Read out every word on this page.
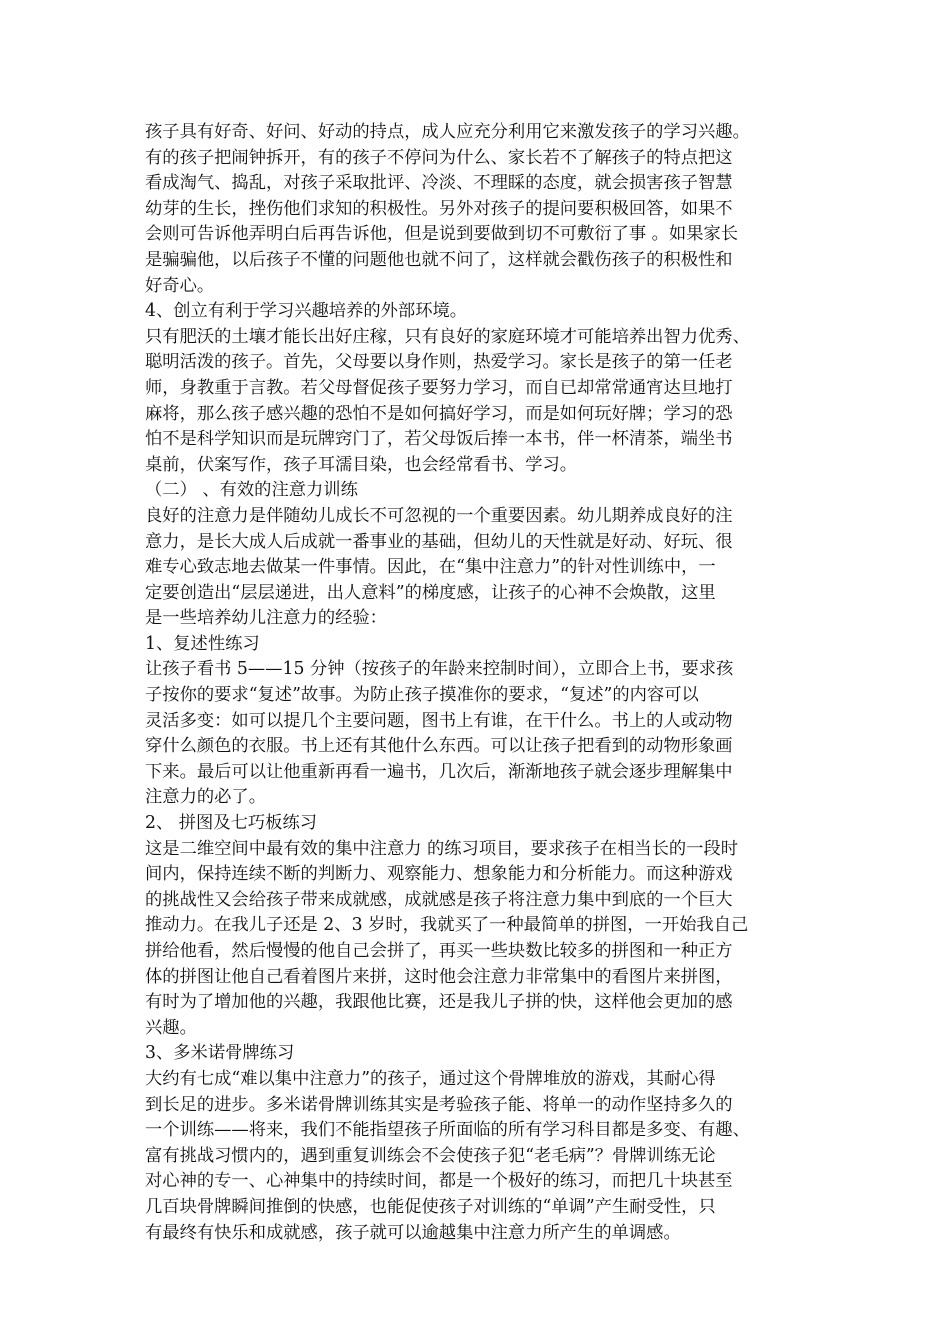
孩子具有好奇、好问、好动的持点，成人应充分利用它来激发孩子的学习兴趣。
有的孩子把闹钟拆开，有的孩子不停问为什么、家长若不了解孩子的特点把这
看成淘气、捣乱，对孩子采取批评、冷淡、不理睬的态度，就会损害孩子智慧
幼芽的生长，挫伤他们求知的积极性。另外对孩子的提问要积极回答，如果不
会则可告诉他弄明白后再告诉他，但是说到要做到切不可敷衍了事 。如果家长
是骗骗他，以后孩子不懂的问题他也就不问了，这样就会戳伤孩子的积极性和
好奇心。
4、创立有利于学习兴趣培养的外部环境。
只有肥沃的土壤才能长出好庄稼，只有良好的家庭环境才可能培养出智力优秀、
聪明活泼的孩子。首先，父母要以身作则，热爱学习。家长是孩子的第一任老
师，身教重于言教。若父母督促孩子要努力学习，而自已却常常通宵达旦地打
麻将，那么孩子感兴趣的恐怕不是如何搞好学习，而是如何玩好牌；学习的恐
怕不是科学知识而是玩牌窍门了，若父母饭后捧一本书，伴一杯清茶，端坐书
桌前，伏案写作，孩子耳濡目染，也会经常看书、学习。
（二） 、有效的注意力训练
良好的注意力是伴随幼儿成长不可忽视的一个重要因素。幼儿期养成良好的注
意力，是长大成人后成就一番事业的基础，但幼儿的天性就是好动、好玩、很
难专心致志地去做某一件事情。因此，在“集中注意力”的针对性训练中，一
定要创造出“层层递进，出人意料”的梯度感，让孩子的心神不会焕散，这里
是一些培养幼儿注意力的经验：
1、复述性练习
让孩子看书 5——15 分钟（按孩子的年龄来控制时间），立即合上书，要求孩
子按你的要求“复述”故事。为防止孩子摸准你的要求，“复述”的内容可以
灵活多变：如可以提几个主要问题，图书上有谁，在干什么。书上的人或动物
穿什么颜色的衣服。书上还有其他什么东西。可以让孩子把看到的动物形象画
下来。最后可以让他重新再看一遍书，几次后，渐渐地孩子就会逐步理解集中
注意力的必了。
2、 拼图及七巧板练习
这是二维空间中最有效的集中注意力 的练习项目，要求孩子在相当长的一段时
间内，保持连续不断的判断力、观察能力、想象能力和分析能力。而这种游戏
的挑战性又会给孩子带来成就感，成就感是孩子将注意力集中到底的一个巨大
推动力。在我儿子还是 2、3 岁时，我就买了一种最简单的拼图，一开始我自己
拼给他看，然后慢慢的他自己会拼了，再买一些块数比较多的拼图和一种正方
体的拼图让他自己看着图片来拼，这时他会注意力非常集中的看图片来拼图，
有时为了增加他的兴趣，我跟他比赛，还是我儿子拼的快，这样他会更加的感
兴趣。
3、多米诺骨牌练习
大约有七成“难以集中注意力”的孩子，通过这个骨牌堆放的游戏，其耐心得
到长足的进步。多米诺骨牌训练其实是考验孩子能、将单一的动作坚持多久的
一个训练——将来，我们不能指望孩子所面临的所有学习科目都是多变、有趣、
富有挑战习惯内的，遇到重复训练会不会使孩子犯“老毛病”？骨牌训练无论
对心神的专一、心神集中的持续时间，都是一个极好的练习，而把几十块甚至
几百块骨牌瞬间推倒的快感，也能促使孩子对训练的“单调”产生耐受性，只
有最终有快乐和成就感，孩子就可以逾越集中注意力所产生的单调感。
